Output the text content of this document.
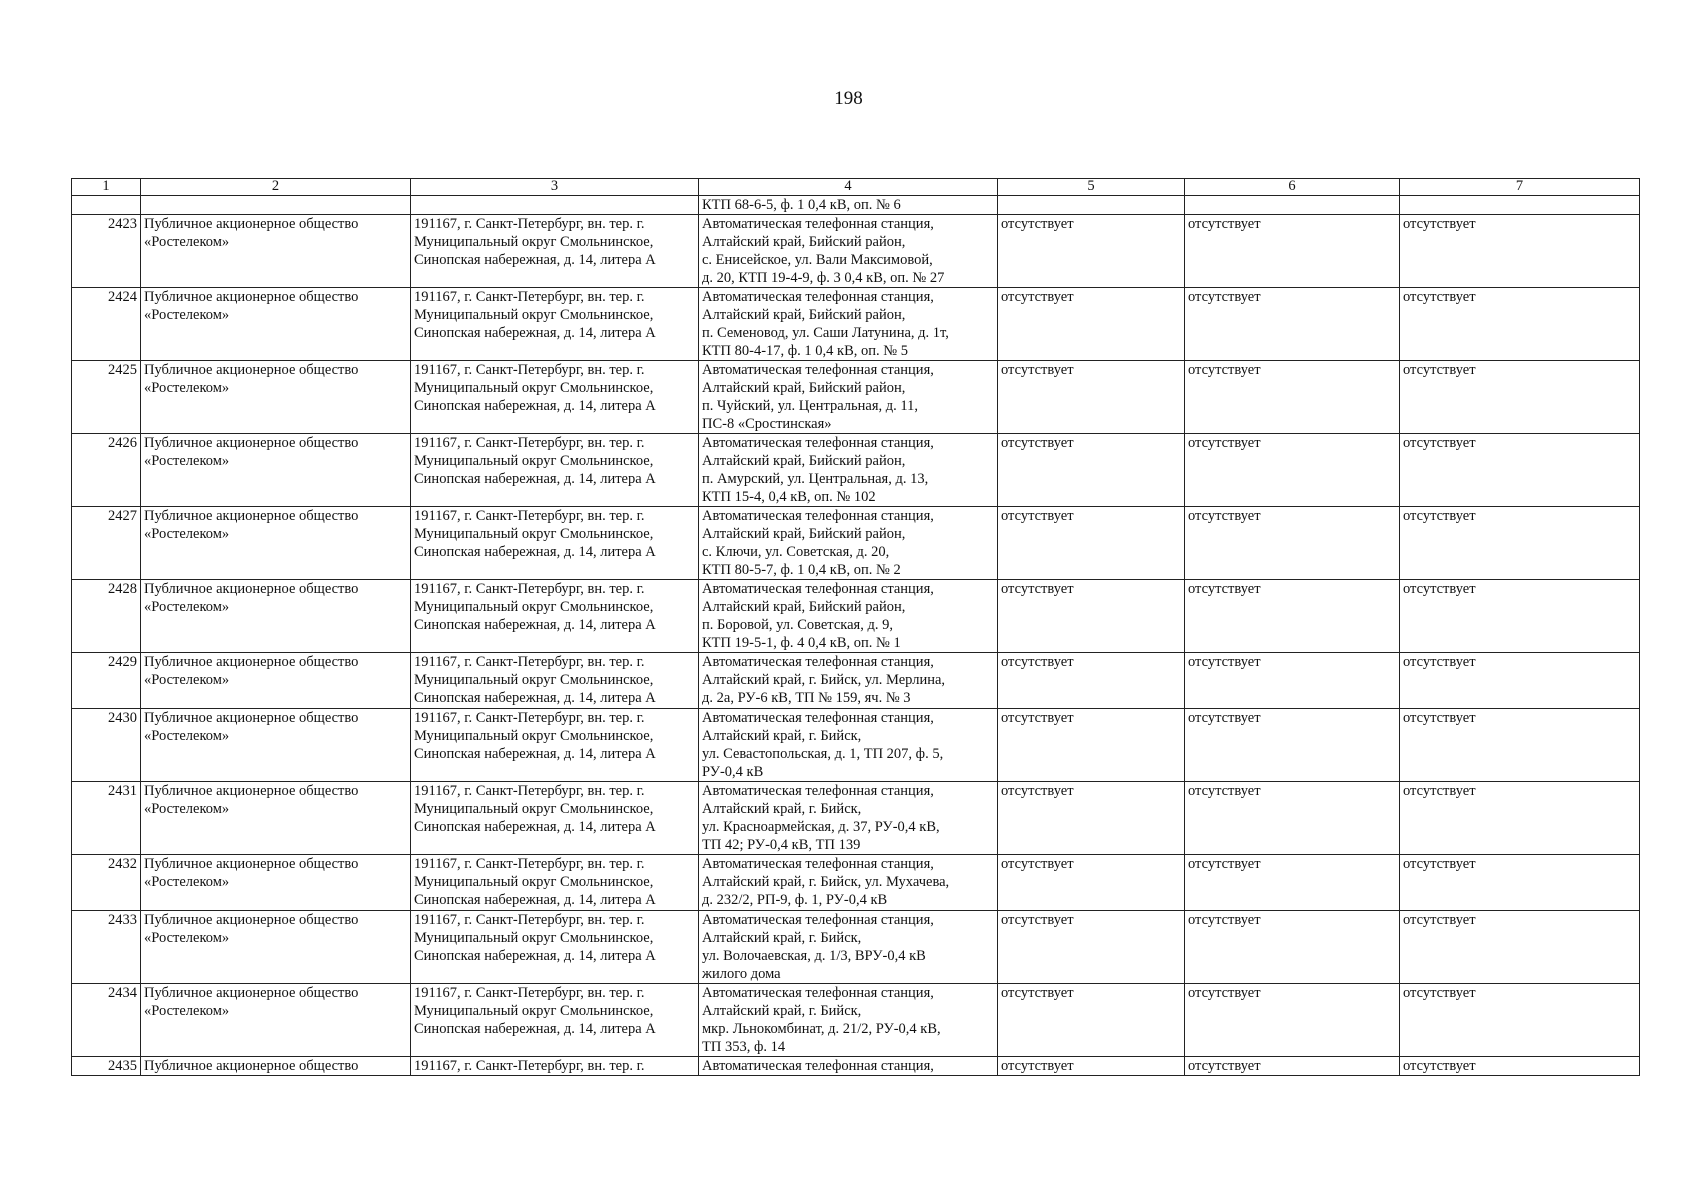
198
1	2	3	4	5	6	7
			КТП 68-6-5, ф. 1 0,4 кВ, оп. № 6			
2423	Публичное акционерное общество
«Ростелеком»	191167, г. Санкт-Петербург, вн. тер. г.
Муниципальный округ Смольнинское,
Синопская набережная, д. 14, литера А	Автоматическая телефонная станция,
Алтайский край, Бийский район,
с. Енисейское, ул. Вали Максимовой,
д. 20, КТП 19-4-9, ф. 3 0,4 кВ, оп. № 27	отсутствует	отсутствует	отсутствует
2424	Публичное акционерное общество
«Ростелеком»	191167, г. Санкт-Петербург, вн. тер. г.
Муниципальный округ Смольнинское,
Синопская набережная, д. 14, литера А	Автоматическая телефонная станция,
Алтайский край, Бийский район,
п. Семеновод, ул. Саши Латунина, д. 1т,
КТП 80-4-17, ф. 1 0,4 кВ, оп. № 5	отсутствует	отсутствует	отсутствует
2425	Публичное акционерное общество
«Ростелеком»	191167, г. Санкт-Петербург, вн. тер. г.
Муниципальный округ Смольнинское,
Синопская набережная, д. 14, литера А	Автоматическая телефонная станция,
Алтайский край, Бийский район,
п. Чуйский, ул. Центральная, д. 11,
ПС-8 «Сростинская»	отсутствует	отсутствует	отсутствует
2426	Публичное акционерное общество
«Ростелеком»	191167, г. Санкт-Петербург, вн. тер. г.
Муниципальный округ Смольнинское,
Синопская набережная, д. 14, литера А	Автоматическая телефонная станция,
Алтайский край, Бийский район,
п. Амурский, ул. Центральная, д. 13,
КТП 15-4, 0,4 кВ, оп. № 102	отсутствует	отсутствует	отсутствует
2427	Публичное акционерное общество
«Ростелеком»	191167, г. Санкт-Петербург, вн. тер. г.
Муниципальный округ Смольнинское,
Синопская набережная, д. 14, литера А	Автоматическая телефонная станция,
Алтайский край, Бийский район,
с. Ключи, ул. Советская, д. 20,
КТП 80-5-7, ф. 1 0,4 кВ, оп. № 2	отсутствует	отсутствует	отсутствует
2428	Публичное акционерное общество
«Ростелеком»	191167, г. Санкт-Петербург, вн. тер. г.
Муниципальный округ Смольнинское,
Синопская набережная, д. 14, литера А	Автоматическая телефонная станция,
Алтайский край, Бийский район,
п. Боровой, ул. Советская, д. 9,
КТП 19-5-1, ф. 4 0,4 кВ, оп. № 1	отсутствует	отсутствует	отсутствует
2429	Публичное акционерное общество
«Ростелеком»	191167, г. Санкт-Петербург, вн. тер. г.
Муниципальный округ Смольнинское,
Синопская набережная, д. 14, литера А	Автоматическая телефонная станция,
Алтайский край, г. Бийск, ул. Мерлина,
д. 2а, РУ-6 кВ, ТП № 159, яч. № 3	отсутствует	отсутствует	отсутствует
2430	Публичное акционерное общество
«Ростелеком»	191167, г. Санкт-Петербург, вн. тер. г.
Муниципальный округ Смольнинское,
Синопская набережная, д. 14, литера А	Автоматическая телефонная станция,
Алтайский край, г. Бийск,
ул. Севастопольская, д. 1, ТП 207, ф. 5,
РУ-0,4 кВ	отсутствует	отсутствует	отсутствует
2431	Публичное акционерное общество
«Ростелеком»	191167, г. Санкт-Петербург, вн. тер. г.
Муниципальный округ Смольнинское,
Синопская набережная, д. 14, литера А	Автоматическая телефонная станция,
Алтайский край, г. Бийск,
ул. Красноармейская, д. 37, РУ-0,4 кВ,
ТП 42; РУ-0,4 кВ, ТП 139	отсутствует	отсутствует	отсутствует
2432	Публичное акционерное общество
«Ростелеком»	191167, г. Санкт-Петербург, вн. тер. г.
Муниципальный округ Смольнинское,
Синопская набережная, д. 14, литера А	Автоматическая телефонная станция,
Алтайский край, г. Бийск, ул. Мухачева,
д. 232/2, РП-9, ф. 1, РУ-0,4 кВ	отсутствует	отсутствует	отсутствует
2433	Публичное акционерное общество
«Ростелеком»	191167, г. Санкт-Петербург, вн. тер. г.
Муниципальный округ Смольнинское,
Синопская набережная, д. 14, литера А	Автоматическая телефонная станция,
Алтайский край, г. Бийск,
ул. Волочаевская, д. 1/3, ВРУ-0,4 кВ
жилого дома	отсутствует	отсутствует	отсутствует
2434	Публичное акционерное общество
«Ростелеком»	191167, г. Санкт-Петербург, вн. тер. г.
Муниципальный округ Смольнинское,
Синопская набережная, д. 14, литера А	Автоматическая телефонная станция,
Алтайский край, г. Бийск,
мкр. Льнокомбинат, д. 21/2, РУ-0,4 кВ,
ТП 353, ф. 14	отсутствует	отсутствует	отсутствует
2435	Публичное акционерное общество	191167, г. Санкт-Петербург, вн. тер. г.	Автоматическая телефонная станция,	отсутствует	отсутствует	отсутствует
